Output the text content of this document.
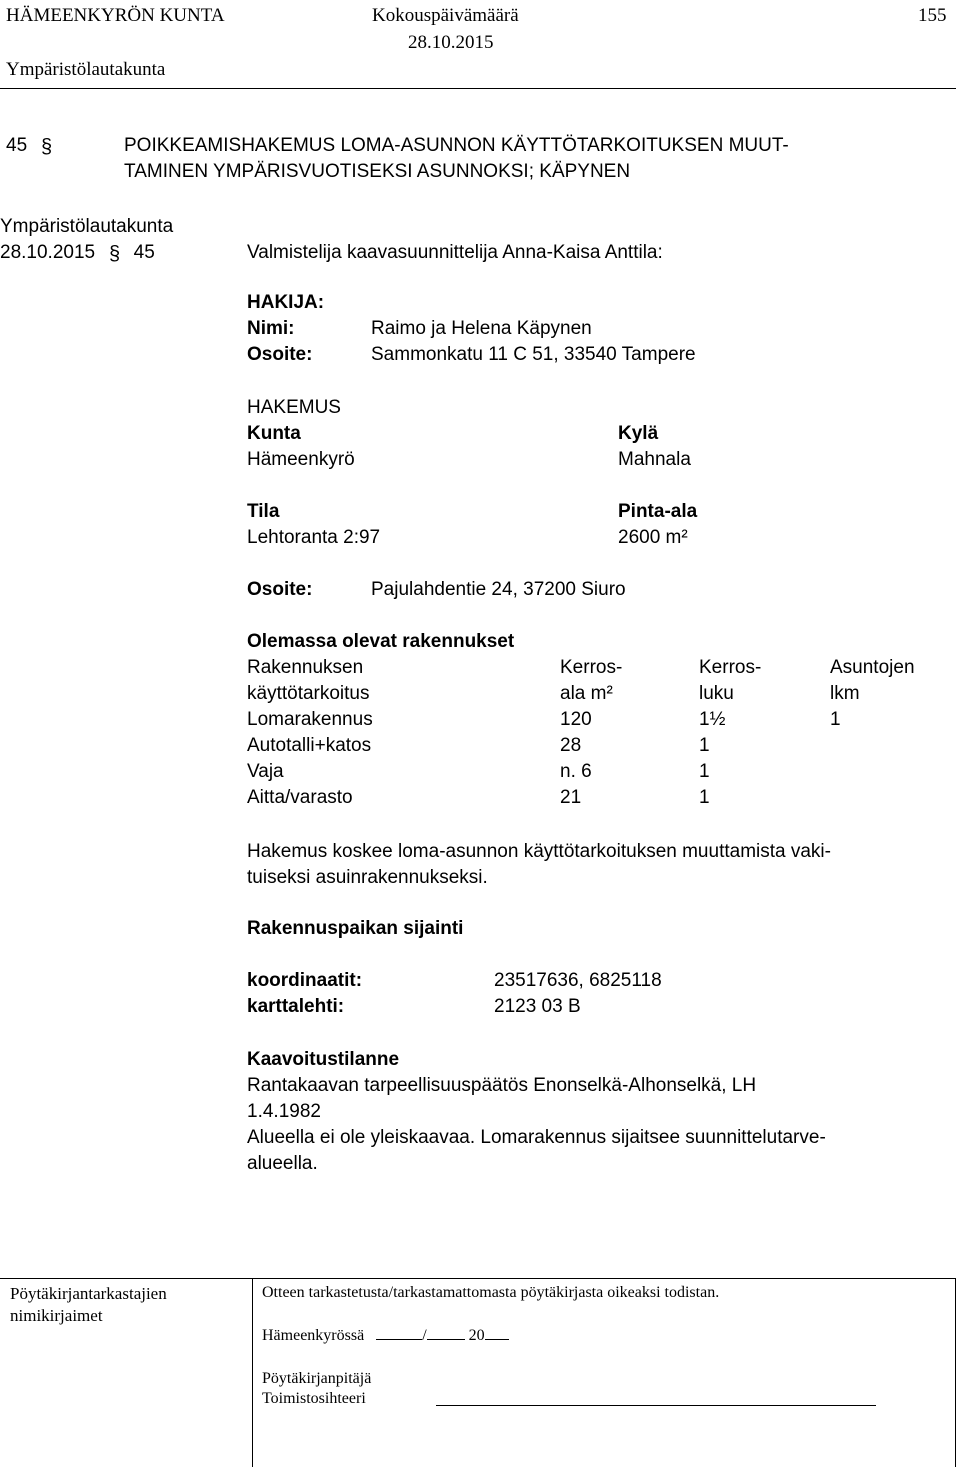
HÄMEENKYRÖN KUNTA	Kokouspäivämäärä	155
28.10.2015
Ympäristölautakunta
45 §	POIKKEAMISHAKEMUS LOMA-ASUNNON KÄYTTÖTARKOITUKSEN MUUT-
TAMINEN YMPÄRISVUOTISEKSI ASUNNOKSI; KÄPYNEN
Ympäristölautakunta
28.10.2015 § 45	Valmistelija kaavasuunnittelija Anna-Kaisa Anttila:
HAKIJA:
Nimi:	Raimo ja Helena Käpynen
Osoite:	Sammonkatu 11 C 51, 33540 Tampere
HAKEMUS
Kunta	Kylä
Hämeenkyrö	Mahnala
Tila	Pinta-ala
Lehtoranta 2:97	2600 m²
Osoite:	Pajulahdentie 24, 37200 Siuro
Olemassa olevat rakennukset
Rakennuksen	Kerros-	Kerros-	Asuntojen
käyttötarkoitus	ala m²	luku	lkm
Lomarakennus	120	1½	1
Autotalli+katos	28	1
Vaja	n. 6	1
Aitta/varasto	21	1
Hakemus koskee loma-asunnon käyttötarkoituksen muuttamista vaki-
tuiseksi asuinrakennukseksi.
Rakennuspaikan sijainti
koordinaatit:	23517636, 6825118
karttalehti:	2123 03 B
Kaavoitustilanne
Rantakaavan tarpeellisuuspäätös Enonselkä-Alhonselkä, LH
1.4.1982
Alueella ei ole yleiskaavaa. Lomarakennus sijaitsee suunnittelutarve-
alueella.
Pöytäkirjantarkastajien
nimikirjaimet
Otteen tarkastetusta/tarkastamattomasta pöytäkirjasta oikeaksi todistan.
Hämeenkyrössä	/	20
Pöytäkirjanpitäjä
Toimistosihteeri
